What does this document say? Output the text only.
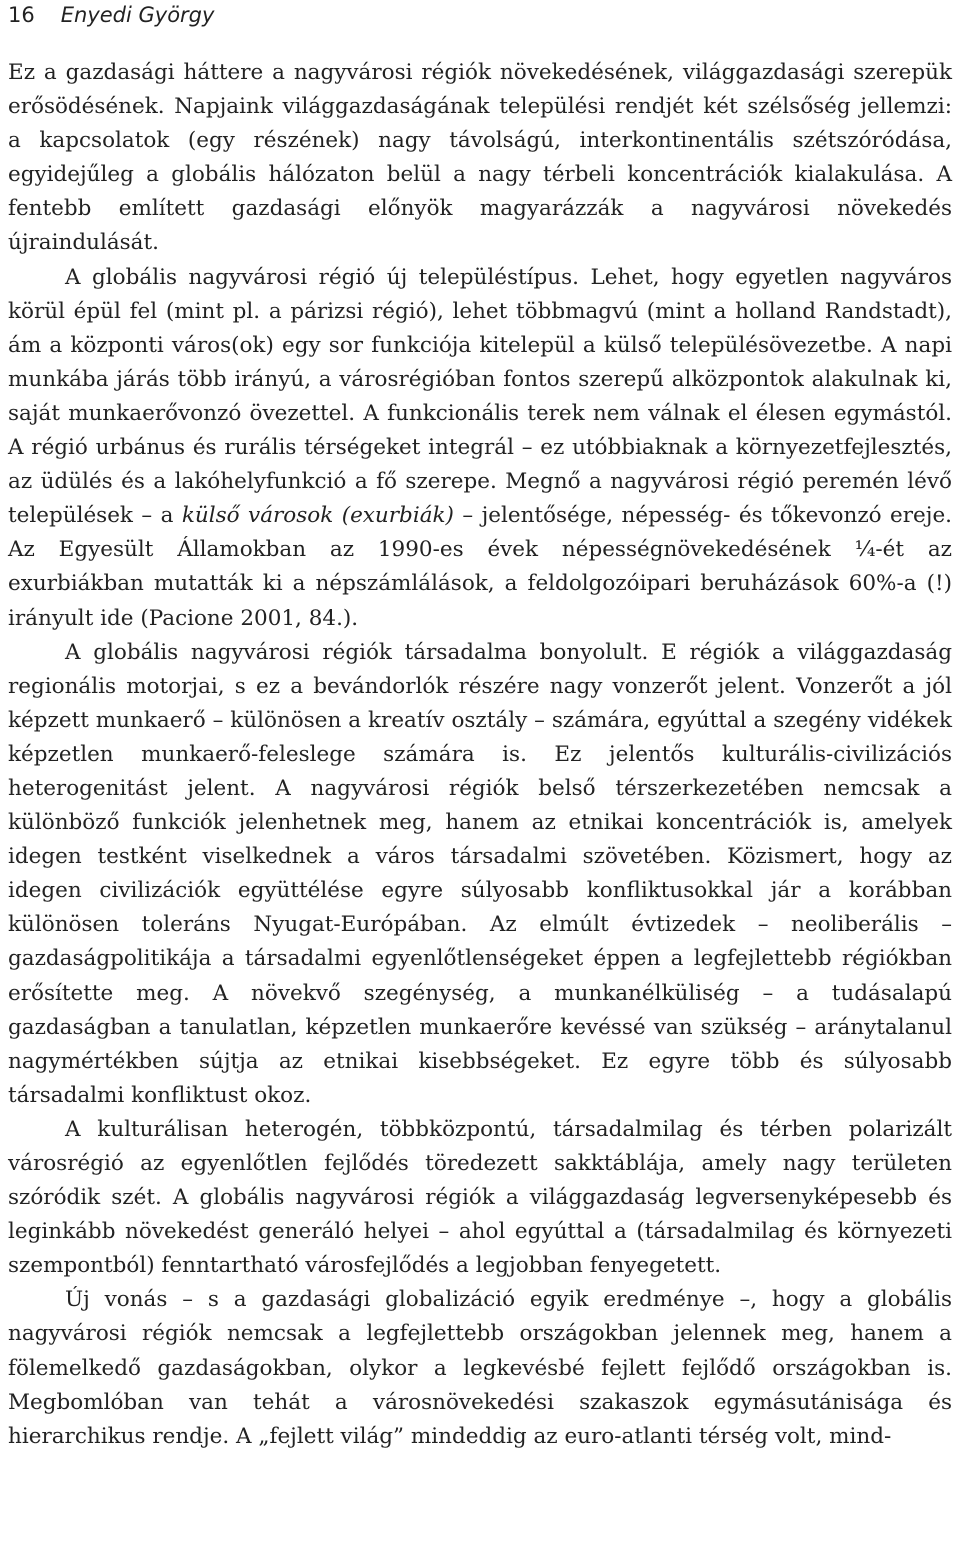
16 Enyedi György

Ez a gazdasági háttere a nagyvárosi régiók növekedésének, világgazdasági szerepük erősödésének. Napjaink világgazdaságának települési rendjét két szélsőség jellemzi: a kapcsolatok (egy részének) nagy távolságú, interkontinentális szétszóródása, egyidejűleg a globális hálózaton belül a nagy térbeli koncentrációk kialakulása. A fentebb említett gazdasági előnyök magyarázzák a nagyvárosi növekedés újraindulását.

A globális nagyvárosi régió új településtípus. Lehet, hogy egyetlen nagyváros körül épül fel (mint pl. a párizsi régió), lehet többmagvú (mint a holland Randstadt), ám a központi város(ok) egy sor funkciója kitelepül a külső településövezetbe. A napi munkába járás több irányú, a városrégióban fontos szerepű alközpontok alakulnak ki, saját munkaerővonzó övezettel. A funkcionális terek nem válnak el élesen egymástól. A régió urbánus és rurális térségeket integrál – ez utóbbiaknak a környezetfejlesztés, az üdülés és a lakóhelyfunkció a fő szerepe. Megnő a nagyvárosi régió peremén lévő települések – a külső városok (exurbiák) – jelentősége, népesség- és tőkevonzó ereje. Az Egyesült Államokban az 1990-es évek népességnövekedésének ¼-ét az exurbiákban mutatták ki a népszámlálások, a feldolgozóipari beruházások 60%-a (!) irányult ide (Pacione 2001, 84.).

A globális nagyvárosi régiók társadalma bonyolult. E régiók a világgazdaság regionális motorjai, s ez a bevándorlók részére nagy vonzerőt jelent. Vonzerőt a jól képzett munkaerő – különösen a kreatív osztály – számára, egyúttal a szegény vidékek képzetlen munkaerő-feleslege számára is. Ez jelentős kulturális-civilizációs heterogenitást jelent. A nagyvárosi régiók belső térszerkezetében nemcsak a különböző funkciók jelenhetnek meg, hanem az etnikai koncentrációk is, amelyek idegen testként viselkednek a város társadalmi szövetében. Közismert, hogy az idegen civilizációk együttélése egyre súlyosabb konfliktusokkal jár a korábban különösen toleráns Nyugat-Európában. Az elmúlt évtizedek – neoliberális – gazdaságpolitikája a társadalmi egyenlőtlenségeket éppen a legfejlettebb régiókban erősítette meg. A növekvő szegénység, a munkanélküliség – a tudásalapú gazdaságban a tanulatlan, képzetlen munkaerőre kevéssé van szükség – aránytalanul nagymértékben sújtja az etnikai kisebbségeket. Ez egyre több és súlyosabb társadalmi konfliktust okoz.

A kulturálisan heterogén, többközpontú, társadalmilag és térben polarizált városrégió az egyenlőtlen fejlődés töredezett sakktáblája, amely nagy területen szóródik szét. A globális nagyvárosi régiók a világgazdaság legversenyképesebb és leginkább növekedést generáló helyei – ahol egyúttal a (társadalmilag és környezeti szempontból) fenntartható városfejlődés a legjobban fenyegetett.

Új vonás – s a gazdasági globalizáció egyik eredménye –, hogy a globális nagyvárosi régiók nemcsak a legfejlettebb országokban jelennek meg, hanem a fölemelkedő gazdaságokban, olykor a legkevésbé fejlett fejlődő országokban is. Megbomlóban van tehát a városnövekedési szakaszok egymásutánisága és hierarchikus rendje. A „fejlett világ” mindeddig az euro-atlanti térség volt, mind-
